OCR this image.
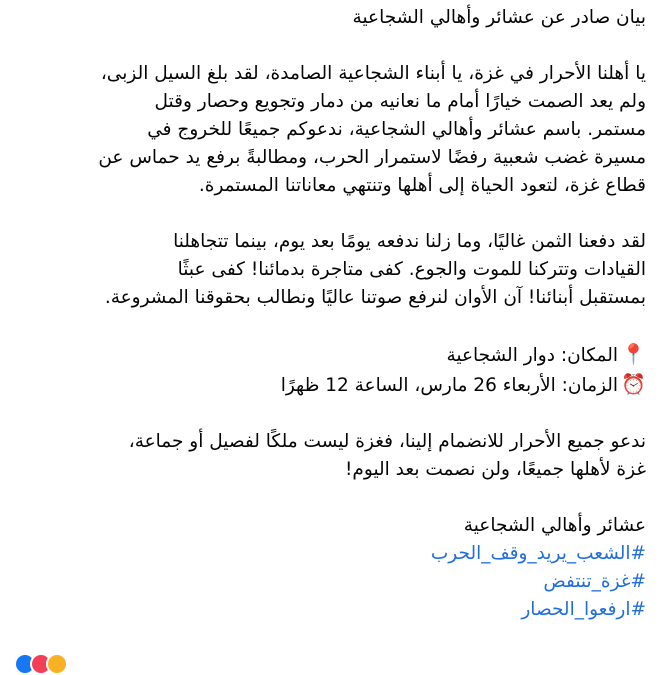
بيان صادر عن عشائر وأهالي الشجاعية

يا أهلنا الأحرار في غزة، يا أبناء الشجاعية الصامدة، لقد بلغ السيل الزبى،
ولم يعد الصمت خيارًا أمام ما نعانيه من دمار وتجويع وحصار وقتل
مستمر. باسم عشائر وأهالي الشجاعية، ندعوكم جميعًا للخروج في
مسيرة غضب شعبية رفضًا لاستمرار الحرب، ومطالبةً برفع يد حماس عن
قطاع غزة، لتعود الحياة إلى أهلها وتنتهي معاناتنا المستمرة.

لقد دفعنا الثمن غاليًا، وما زلنا ندفعه يومًا بعد يوم، بينما تتجاهلنا
القيادات وتتركنا للموت والجوع. كفى متاجرة بدمائنا! كفى عبثًا
بمستقبل أبنائنا! آن الأوان لنرفع صوتنا عاليًا ونطالب بحقوقنا المشروعة.

📍المكان: دوار الشجاعية
⏰الزمان: الأربعاء 26 مارس، الساعة 12 ظهرًا

ندعو جميع الأحرار للانضمام إلينا، فغزة ليست ملكًا لفصيل أو جماعة،
غزة لأهلها جميعًا، ولن نصمت بعد اليوم!

عشائر وأهالي الشجاعية
#الشعب_يريد_وقف_الحرب
#غزة_تنتفض
#ارفعوا_الحصار
